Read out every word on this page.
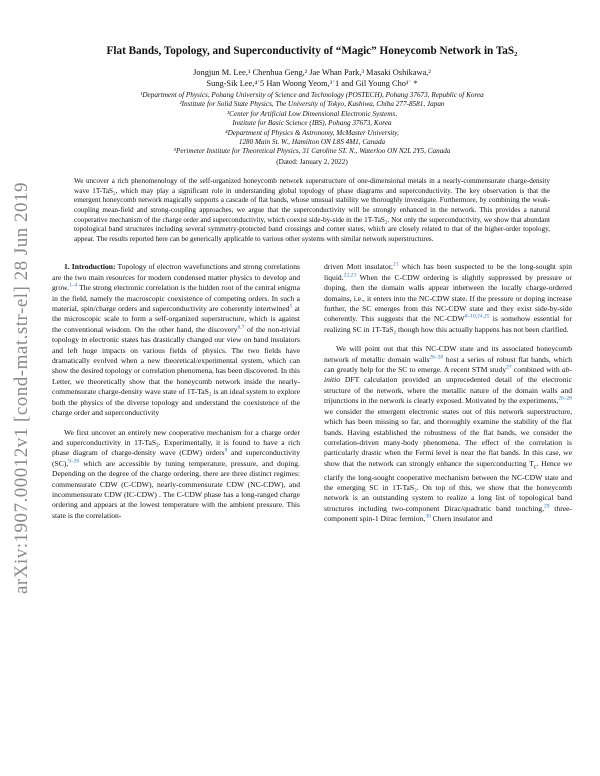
arXiv:1907.00012v1 [cond-mat.str-el] 28 Jun 2019
Flat Bands, Topology, and Superconductivity of “Magic” Honeycomb Network in TaS₂
Jongjun M. Lee,¹ Chenhua Geng,² Jae Whan Park,³ Masaki Oshikawa,²
Sung-Sik Lee,⁴˙5 Han Woong Yeom,³˙1 and Gil Young Cho¹˙ *
¹Department of Physics, Pohang University of Science and Technology (POSTECH), Pohang 37673, Republic of Korea
²Institute for Solid State Physics, The University of Tokyo, Kashiwa, Chiba 277-8581, Japan
³Center for Artificial Low Dimensional Electronic Systems,
Institute for Basic Science (IBS), Pohang 37673, Korea
⁴Department of Physics & Astronomy, McMaster University,
1280 Main St. W., Hamilton ON L8S 4M1, Canada
⁵Perimeter Institute for Theoretical Physics, 31 Caroline ST. N., Waterloo ON N2L 2Y5, Canada
(Dated: January 2, 2022)
We uncover a rich phenomenology of the self-organized honeycomb network superstructure of one-dimensional metals in a nearly-commensurate charge-density wave 1T-TaS₂, which may play a significant role in understanding global topology of phase diagrams and superconductivity. The key observation is that the emergent honeycomb network magically supports a cascade of flat bands, whose unusual stability we thoroughly investigate. Furthermore, by combining the weak-coupling mean-field and strong-coupling approaches, we argue that the superconductivity will be strongly enhanced in the network. This provides a natural cooperative mechanism of the charge order and superconductivity, which coexist side-by-side in the 1T-TaS₂. Not only the superconductivity, we show that abundant topological band structures including several symmetry-protected band crossings and corner states, which are closely related to that of the higher-order topology, appear. The results reported here can be generically applicable to various other systems with similar network superstructures.

1. Introduction: Topology of electron wavefunctions and strong correlations are the two main resources for modern condensed matter physics to develop and grow.$^{1-4}$ The strong electronic correlation is the hidden root of the central enigma in the field, namely the macroscopic coexistence of competing orders. In such a material, spin/charge orders and superconductivity are coherently intertwined$^5$ at the microscopic scale to form a self-organized superstructure, which is against the conventional wisdom. On the other hand, the discovery$^{6,7}$ of the non-trivial topology in electronic states has drastically changed our view on band insulators and left huge impacts on various fields of physics. The two fields have dramatically evolved when a new theoretical/experimental system, which can show the desired topology or correlation phenomena, has been discovered. In this Letter, we theoretically show that the honeycomb network inside the nearly-commensurate charge-density wave state of 1T-TaS₂ is an ideal system to explore both the physics of the diverse topology and understand the coexistence of the charge order and superconductivity

We first uncover an entirely new cooperative mechanism for a charge order and superconductivity in 1T-TaS₂. Experimentally, it is found to have a rich phase diagram of charge-density wave (CDW) orders$^8$ and superconductivity (SC),$^{9-20}$ which are accessible by tuning temperature, pressure, and doping. Depending on the degree of the charge ordering, there are three distinct regimes: commensurate CDW (C-CDW), nearly-commensurate CDW (NC-CDW), and incommensurate CDW (IC-CDW) . The C-CDW phase has a long-ranged charge ordering and appears at the lowest temperature with the ambient pressure. This state is the correlation-

driven Mott insulator,$^{21}$ which has been suspected to be the long-sought spin liquid.$^{22,23}$ When the C-CDW ordering is slightly suppressed by pressure or doping, then the domain walls appear inbetween the locally charge-ordered domains, i.e., it enters into the NC-CDW state. If the pressure or doping increase further, the SC emerges from this NC-CDW state and they exist side-by-side coherently. This suggests that the NC-CDW$^{8-10,24,25}$ is somehow essential for realizing SC in 1T-TaS₂ though how this actually happens has not been clarified.

We will point out that this NC-CDW state and its associated honeycomb network of metallic domain walls$^{26-28}$ host a series of robust flat bands, which can greatly help for the SC to emerge. A recent STM study$^{27}$ combined with ab-initio DFT calculation provided an unprecedented detail of the electronic structure of the network, where the metallic nature of the domain walls and trijunctions in the network is clearly exposed. Motivated by the experiments,$^{26-28}$ we consider the emergent electronic states out of this network superstructure, which has been missing so far, and thoroughly examine the stability of the flat bands. Having established the robustness of the flat bands, we consider the correlation-driven many-body phenomena. The effect of the correlation is particularly drastic when the Fermi level is near the flat bands. In this case, we show that the network can strongly enhance the superconducting $T_c$. Hence we clarify the long-sought cooperative mechanism between the NC-CDW state and the emerging SC in 1T-TaS₂. On top of this, we show that the honeycomb network is an outstanding system to realize a long list of topological band structures including two-component Dirac/quadratic band touching,$^{29}$ three-component spin-1 Dirac fermion,$^{30}$ Chern insulator and
